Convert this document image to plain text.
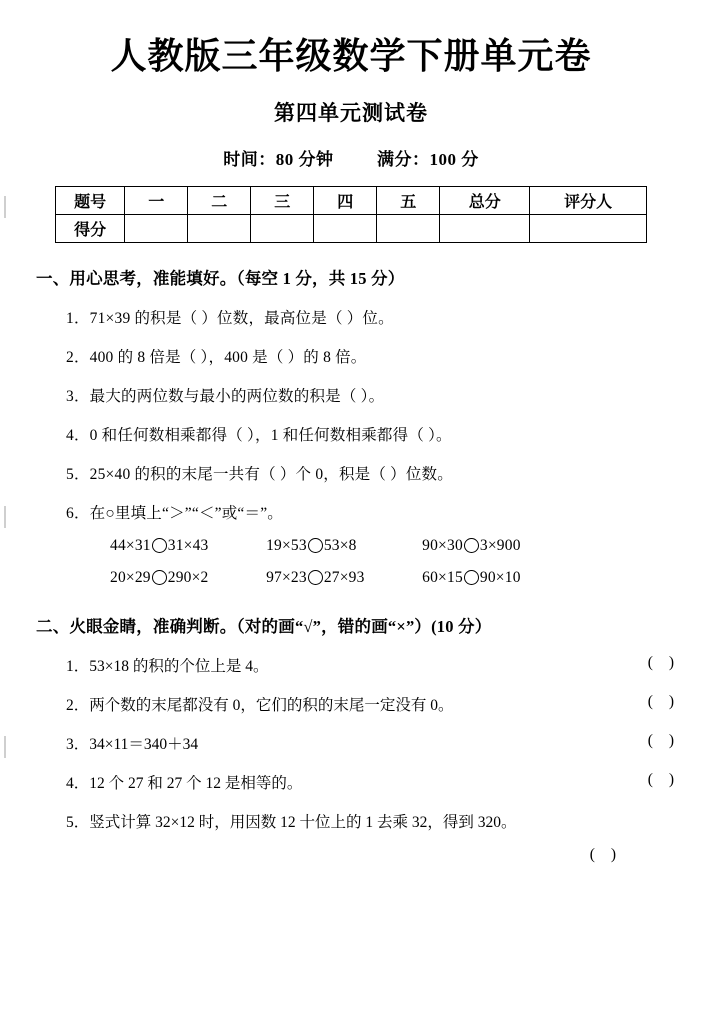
人教版三年级数学下册单元卷
第四单元测试卷
时间：80 分钟	满分：100 分
题号	一	二	三	四	五	总分	评分人
得分							
一、用心思考，准能填好。（每空 1 分，共 15 分）
1．71×39 的积是（ ）位数，最高位是（ ）位。
2．400 的 8 倍是（ ），400 是（ ）的 8 倍。
3．最大的两位数与最小的两位数的积是（ ）。
4．0 和任何数相乘都得（ ），1 和任何数相乘都得（ ）。
5．25×40 的积的末尾一共有（ ）个 0，积是（ ）位数。
6．在○里填上“＞”“＜”或“＝”。
44×31 31×43	19×53 53×8	90×30 3×900
20×29 290×2	97×23 27×93	60×15 90×10
二、火眼金睛，准确判断。（对的画“√”，错的画“×”）(10 分）
1．53×18 的积的个位上是 4。	( )
2．两个数的末尾都没有 0，它们的积的末尾一定没有 0。	( )
3．34×11＝340＋34	( )
4．12 个 27 和 27 个 12 是相等的。	( )
5．竖式计算 32×12 时，用因数 12 十位上的 1 去乘 32，得到 320。
( )
